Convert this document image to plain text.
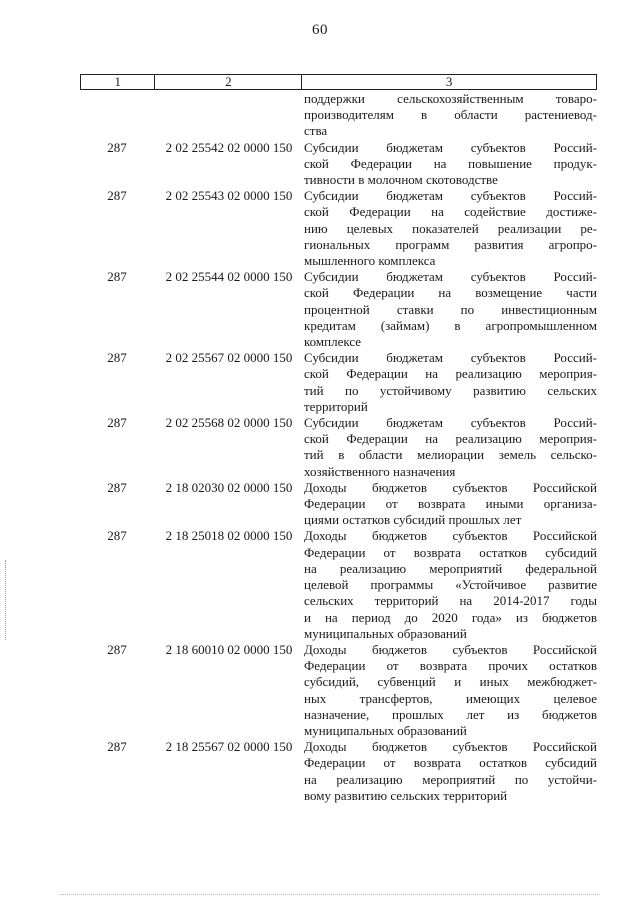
60
1	2	3
поддержки сельскохозяйственным товаро-
производителям в области растениевод-
ства
287	2 02 25542 02 0000 150 Субсидии бюджетам субъектов Россий-
ской Федерации на повышение продук-
тивности в молочном скотоводстве
287	2 02 25543 02 0000 150 Субсидии бюджетам субъектов Россий-
ской Федерации на содействие достиже-
нию целевых показателей реализации ре-
гиональных программ развития агропро-
мышленного комплекса
287	2 02 25544 02 0000 150 Субсидии бюджетам субъектов Россий-
ской Федерации на возмещение части
процентной ставки по инвестиционным
кредитам (займам) в агропромышленном
комплексе
287	2 02 25567 02 0000 150 Субсидии бюджетам субъектов Россий-
ской Федерации на реализацию мероприя-
тий по устойчивому развитию сельских
территорий
287	2 02 25568 02 0000 150 Субсидии бюджетам субъектов Россий-
ской Федерации на реализацию мероприя-
тий в области мелиорации земель сельско-
хозяйственного назначения
287	2 18 02030 02 0000 150 Доходы бюджетов субъектов Российской
Федерации от возврата иными организа-
циями остатков субсидий прошлых лет
287	2 18 25018 02 0000 150 Доходы бюджетов субъектов Российской
Федерации от возврата остатков субсидий
на реализацию мероприятий федеральной
целевой программы «Устойчивое развитие
сельских территорий на 2014-2017 годы
и на период до 2020 года» из бюджетов
муниципальных образований
287	2 18 60010 02 0000 150 Доходы бюджетов субъектов Российской
Федерации от возврата прочих остатков
субсидий, субвенций и иных межбюджет-
ных трансфертов, имеющих целевое
назначение, прошлых лет из бюджетов
муниципальных образований
287	2 18 25567 02 0000 150 Доходы бюджетов субъектов Российской
Федерации от возврата остатков субсидий
на реализацию мероприятий по устойчи-
вому развитию сельских территорий
